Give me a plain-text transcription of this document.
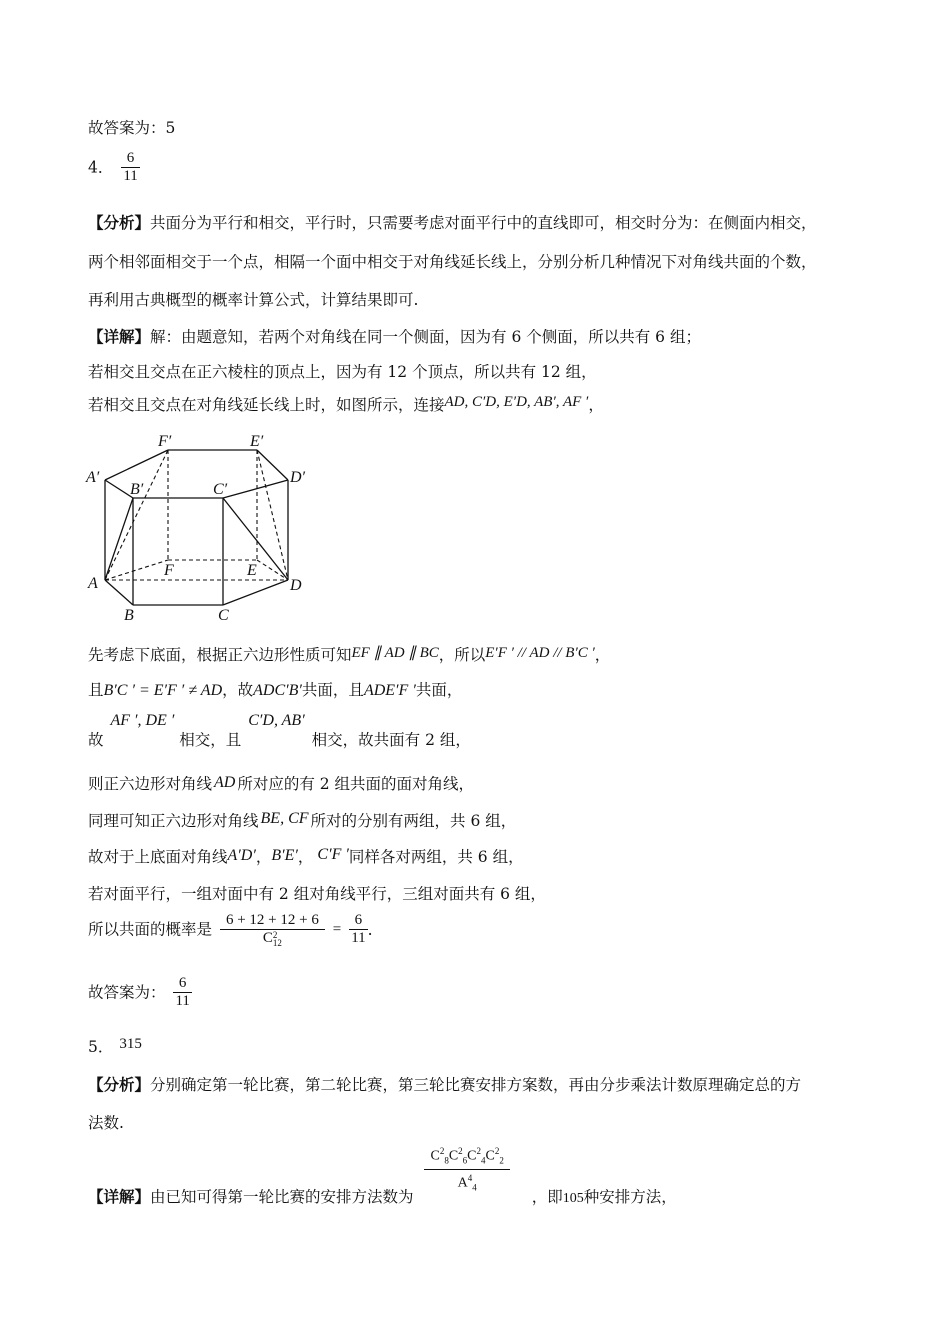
故答案为：5
4． $\frac{6}{11}$
【分析】共面分为平行和相交，平行时，只需要考虑对面平行中的直线即可，相交时分为：在侧面内相交，
两个相邻面相交于一个点，相隔一个面中相交于对角线延长线上，分别分析几种情况下对角线共面的个数，
再利用古典概型的概率计算公式，计算结果即可.
【详解】解：由题意知，若两个对角线在同一个侧面，因为有 6 个侧面，所以共有 6 组；
若相交且交点在正六棱柱的顶点上，因为有 12 个顶点，所以共有 12 组，
若相交且交点在对角线延长线上时，如图所示，连接AD, C′D, E′D, AB′, AF ′，
F′	E′
A′	D′
B′	C′
F	E
A	D
B	C
先考虑下底面，根据正六边形性质可知EF ∥ AD ∥ BC，所以E′F ′ // AD // B′C ′，
且B′C ′ = E′F ′ ≠ AD，故ADC′B′共面，且ADE′F ′共面，
故 AF ′, DE ′ 相交，且 C′D, AB′ 相交，故共面有 2 组，
则正六边形对角线 AD 所对应的有 2 组共面的面对角线，
同理可知正六边形对角线 BE, CF 所对的分别有两组，共 6 组，
故对于上底面对角线A′D′，B′E′， C′F ′同样各对两组，共 6 组，
若对面平行，一组对面中有 2 组对角线平行，三组对面共有 6 组，
所以共面的概率是 6 + 12 + 12 + 6
C 2
$12 = \frac{6}{11}$ .
故答案为： $\frac{6}{11}$
5． 315
【分析】分别确定第一轮比赛，第二轮比赛，第三轮比赛安排方案数，再由分步乘法计数原理确定总的方
法数.
【详解】由已知可得第一轮比赛的安排方法数为
$\frac{C^2_8C^2_6C^2_4C^2_2}{A^4_4}$
，即105种安排方法，
